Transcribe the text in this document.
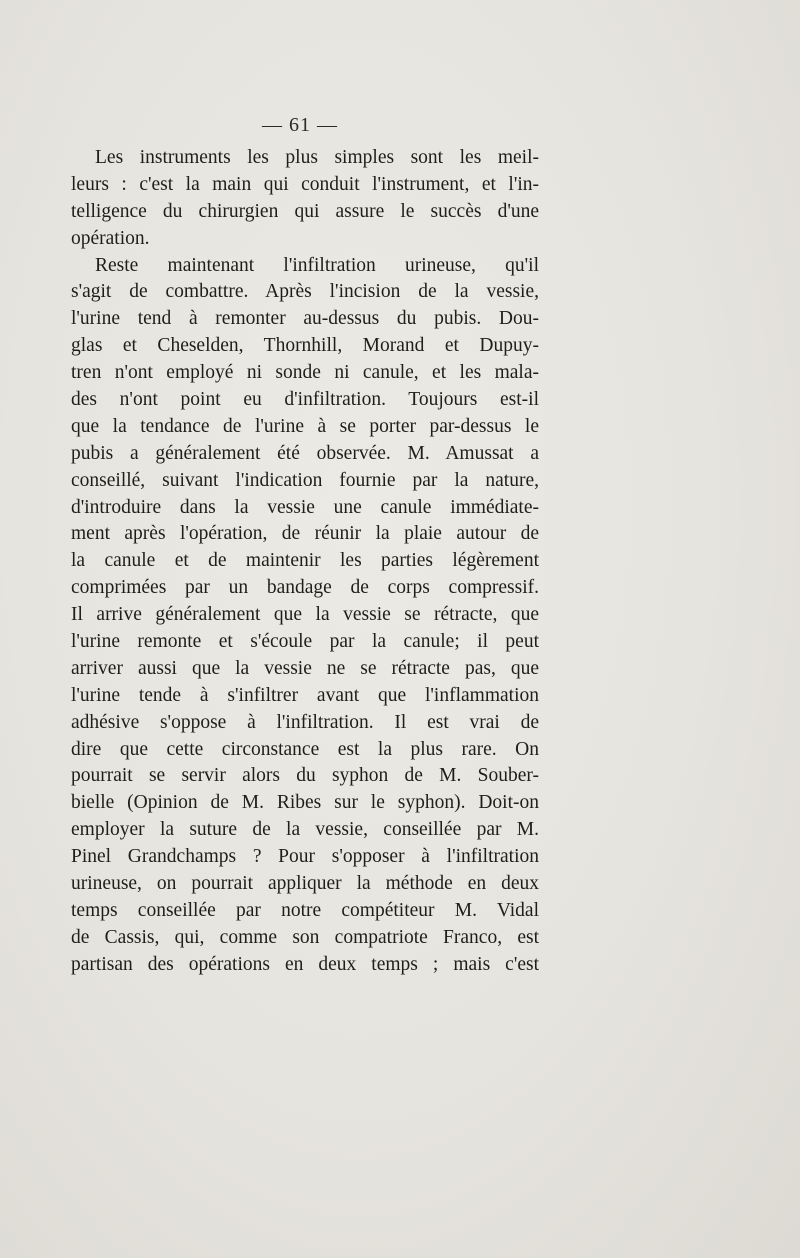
— 61 —
Les instruments les plus simples sont les meil-
leurs : c'est la main qui conduit l'instrument, et l'in-
telligence du chirurgien qui assure le succès d'une
opération.
Reste maintenant l'infiltration urineuse, qu'il
s'agit de combattre. Après l'incision de la vessie,
l'urine tend à remonter au-dessus du pubis. Dou-
glas et Cheselden, Thornhill, Morand et Dupuy-
tren n'ont employé ni sonde ni canule, et les mala-
des n'ont point eu d'infiltration. Toujours est-il
que la tendance de l'urine à se porter par-dessus le
pubis a généralement été observée. M. Amussat a
conseillé, suivant l'indication fournie par la nature,
d'introduire dans la vessie une canule immédiate-
ment après l'opération, de réunir la plaie autour de
la canule et de maintenir les parties légèrement
comprimées par un bandage de corps compressif.
Il arrive généralement que la vessie se rétracte, que
l'urine remonte et s'écoule par la canule; il peut
arriver aussi que la vessie ne se rétracte pas, que
l'urine tende à s'infiltrer avant que l'inflammation
adhésive s'oppose à l'infiltration. Il est vrai de
dire que cette circonstance est la plus rare. On
pourrait se servir alors du syphon de M. Souber-
bielle (Opinion de M. Ribes sur le syphon). Doit-on
employer la suture de la vessie, conseillée par M.
Pinel Grandchamps ? Pour s'opposer à l'infiltration
urineuse, on pourrait appliquer la méthode en deux
temps conseillée par notre compétiteur M. Vidal
de Cassis, qui, comme son compatriote Franco, est
partisan des opérations en deux temps ; mais c'est
